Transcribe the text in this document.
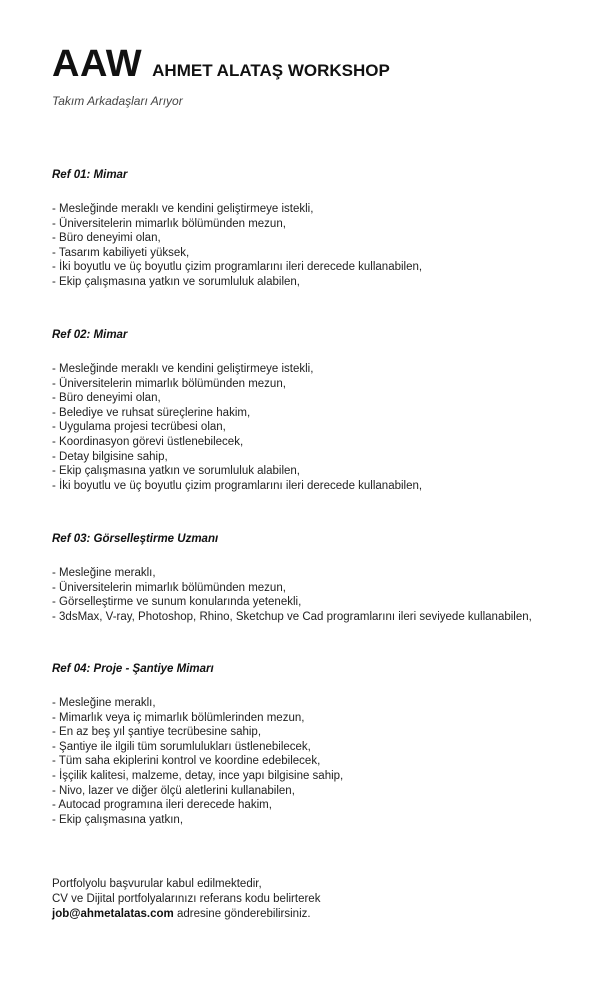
AAW AHMET ALATAŞ WORKSHOP
Takım Arkadaşları Arıyor
Ref 01: Mimar
- Mesleğinde meraklı ve kendini geliştirmeye istekli,
- Üniversitelerin mimarlık bölümünden mezun,
- Büro deneyimi olan,
- Tasarım kabiliyeti yüksek,
- İki boyutlu ve üç boyutlu çizim programlarını ileri derecede kullanabilen,
- Ekip çalışmasına yatkın ve sorumluluk alabilen,
Ref 02: Mimar
- Mesleğinde meraklı ve kendini geliştirmeye istekli,
- Üniversitelerin mimarlık bölümünden mezun,
- Büro deneyimi olan,
- Belediye ve ruhsat süreçlerine hakim,
- Uygulama projesi tecrübesi olan,
- Koordinasyon görevi üstlenebilecek,
- Detay bilgisine sahip,
- Ekip çalışmasına yatkın ve sorumluluk alabilen,
- İki boyutlu ve üç boyutlu çizim programlarını ileri derecede kullanabilen,
Ref 03: Görselleştirme Uzmanı
- Mesleğine meraklı,
- Üniversitelerin mimarlık bölümünden mezun,
- Görselleştirme ve sunum konularında yetenekli,
- 3dsMax, V-ray, Photoshop, Rhino, Sketchup ve Cad programlarını ileri seviyede kullanabilen,
Ref 04: Proje - Şantiye Mimarı
- Mesleğine meraklı,
- Mimarlık veya iç mimarlık bölümlerinden mezun,
- En az beş yıl şantiye tecrübesine sahip,
- Şantiye ile ilgili tüm sorumlulukları üstlenebilecek,
- Tüm saha ekiplerini kontrol ve koordine edebilecek,
- İşçilik kalitesi, malzeme, detay, ince yapı bilgisine sahip,
- Nivo, lazer ve diğer ölçü aletlerini kullanabilen,
- Autocad programına ileri derecede hakim,
- Ekip çalışmasına yatkın,
Portfolyolu başvurular kabul edilmektedir,
CV ve Dijital portfolyalarınızı referans kodu belirterek
job@ahmetalatas.com adresine gönderebilirsiniz.
